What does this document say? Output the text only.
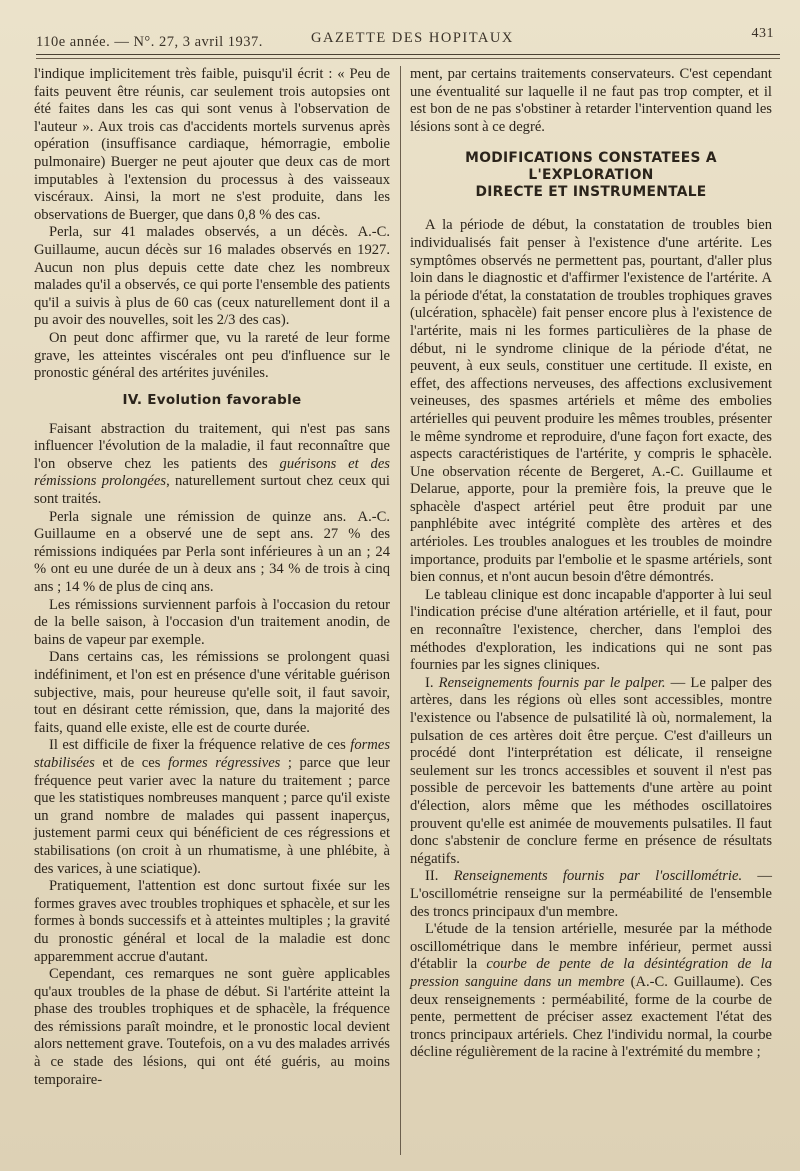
110e année. — N°. 27, 3 avril 1937.	GAZETTE DES HOPITAUX	431

l'indique implicitement très faible, puisqu'il écrit : « Peu de faits peuvent être réunis, car seulement trois autopsies ont été faites dans les cas qui sont venus à l'observation de l'auteur ». Aux trois cas d'accidents mortels survenus après opération (insuffisance cardiaque, hémorragie, embolie pulmonaire) Buerger ne peut ajouter que deux cas de mort imputables à l'extension du processus à des vaisseaux viscéraux. Ainsi, la mort ne s'est produite, dans les observations de Buerger, que dans 0,8 % des cas.

Perla, sur 41 malades observés, a un décès. A.-C. Guillaume, aucun décès sur 16 malades observés en 1927. Aucun non plus depuis cette date chez les nombreux malades qu'il a observés, ce qui porte l'ensemble des patients qu'il a suivis à plus de 60 cas (ceux naturellement dont il a pu avoir des nouvelles, soit les 2/3 des cas).

On peut donc affirmer que, vu la rareté de leur forme grave, les atteintes viscérales ont peu d'influence sur le pronostic général des artérites juvéniles.

IV. Evolution favorable

Faisant abstraction du traitement, qui n'est pas sans influencer l'évolution de la maladie, il faut reconnaître que l'on observe chez les patients des guérisons et des rémissions prolongées, naturellement surtout chez ceux qui sont traités.

Perla signale une rémission de quinze ans. A.-C. Guillaume en a observé une de sept ans. 27 % des rémissions indiquées par Perla sont inférieures à un an ; 24 % ont eu une durée de un à deux ans ; 34 % de trois à cinq ans ; 14 % de plus de cinq ans.

Les rémissions surviennent parfois à l'occasion du retour de la belle saison, à l'occasion d'un traitement anodin, de bains de vapeur par exemple.

Dans certains cas, les rémissions se prolongent quasi indéfiniment, et l'on est en présence d'une véritable guérison subjective, mais, pour heureuse qu'elle soit, il faut savoir, tout en désirant cette rémission, que, dans la majorité des faits, quand elle existe, elle est de courte durée.

Il est difficile de fixer la fréquence relative de ces formes stabilisées et de ces formes régressives ; parce que leur fréquence peut varier avec la nature du traitement ; parce que les statistiques nombreuses manquent ; parce qu'il existe un grand nombre de malades qui passent inaperçus, justement parmi ceux qui bénéficient de ces régressions et stabilisations (on croit à un rhumatisme, à une phlébite, à des varices, à une sciatique).

Pratiquement, l'attention est donc surtout fixée sur les formes graves avec troubles trophiques et sphacèle, et sur les formes à bonds successifs et à atteintes multiples ; la gravité du pronostic général et local de la maladie est donc apparemment accrue d'autant.

Cependant, ces remarques ne sont guère applicables qu'aux troubles de la phase de début. Si l'artérite atteint la phase des troubles trophiques et de sphacèle, la fréquence des rémissions paraît moindre, et le pronostic local devient alors nettement grave. Toutefois, on a vu des malades arrivés à ce stade des lésions, qui ont été guéris, au moins temporaire-

ment, par certains traitements conservateurs. C'est cependant une éventualité sur laquelle il ne faut pas trop compter, et il est bon de ne pas s'obstiner à retarder l'intervention quand les lésions sont à ce degré.

MODIFICATIONS CONSTATEES A L'EXPLORATION
DIRECTE ET INSTRUMENTALE

A la période de début, la constatation de troubles bien individualisés fait penser à l'existence d'une artérite. Les symptômes observés ne permettent pas, pourtant, d'aller plus loin dans le diagnostic et d'affirmer l'existence de l'artérite. A la période d'état, la constatation de troubles trophiques graves (ulcération, sphacèle) fait penser encore plus à l'existence de l'artérite, mais ni les formes particulières de la phase de début, ni le syndrome clinique de la période d'état, ne peuvent, à eux seuls, constituer une certitude. Il existe, en effet, des affections nerveuses, des affections exclusivement veineuses, des spasmes artériels et même des embolies artérielles qui peuvent produire les mêmes troubles, présenter le même syndrome et reproduire, d'une façon fort exacte, des aspects caractéristiques de l'artérite, y compris le sphacèle. Une observation récente de Bergeret, A.-C. Guillaume et Delarue, apporte, pour la première fois, la preuve que le sphacèle d'aspect artériel peut être produit par une panphlébite avec intégrité complète des artères et des artérioles. Les troubles analogues et les troubles de moindre importance, produits par l'embolie et le spasme artériels, sont bien connus, et n'ont aucun besoin d'être démontrés.

Le tableau clinique est donc incapable d'apporter à lui seul l'indication précise d'une altération artérielle, et il faut, pour en reconnaître l'existence, chercher, dans l'emploi des méthodes d'exploration, les indications qui ne sont pas fournies par les signes cliniques.

I. Renseignements fournis par le palper. — Le palper des artères, dans les régions où elles sont accessibles, montre l'existence ou l'absence de pulsatilité là où, normalement, la pulsation de ces artères doit être perçue. C'est d'ailleurs un procédé dont l'interprétation est délicate, il renseigne seulement sur les troncs accessibles et souvent il n'est pas possible de percevoir les battements d'une artère au point d'élection, alors même que les méthodes oscillatoires prouvent qu'elle est animée de mouvements pulsatiles. Il faut donc s'abstenir de conclure ferme en présence de résultats négatifs.

II. Renseignements fournis par l'oscillométrie. — L'oscillométrie renseigne sur la perméabilité de l'ensemble des troncs principaux d'un membre.

L'étude de la tension artérielle, mesurée par la méthode oscillométrique dans le membre inférieur, permet aussi d'établir la courbe de pente de la désintégration de la pression sanguine dans un membre (A.-C. Guillaume). Ces deux renseignements : perméabilité, forme de la courbe de pente, permettent de préciser assez exactement l'état des troncs principaux artériels. Chez l'individu normal, la courbe décline régulièrement de la racine à l'extrémité du membre ;
